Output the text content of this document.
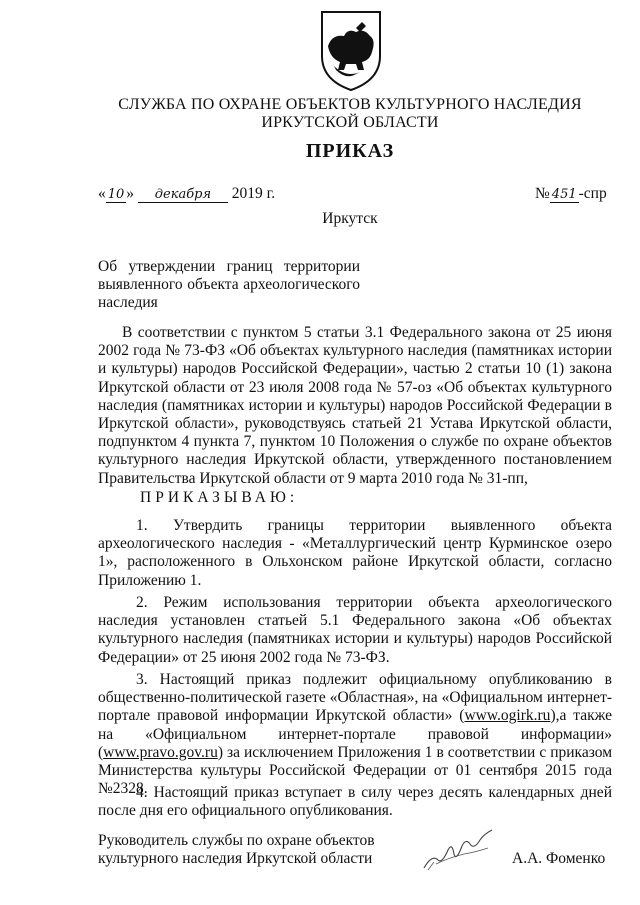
СЛУЖБА ПО ОХРАНЕ ОБЪЕКТОВ КУЛЬТУРНОГО НАСЛЕДИЯ
ИРКУТСКОЙ ОБЛАСТИ
ПРИКАЗ
« 10 » декабря 2019 г.	№ 451 -спр
Иркутск
Об утверждении границ территории выявленного объекта археологического наследия
В соответствии с пунктом 5 статьи 3.1 Федерального закона от 25 июня 2002 года № 73-ФЗ «Об объектах культурного наследия (памятниках истории и культуры) народов Российской Федерации», частью 2 статьи 10 (1) закона Иркутской области от 23 июля 2008 года № 57-оз «Об объектах культурного наследия (памятниках истории и культуры) народов Российской Федерации в Иркутской области», руководствуясь статьей 21 Устава Иркутской области, подпунктом 4 пункта 7, пунктом 10 Положения о службе по охране объектов культурного наследия Иркутской области, утвержденного постановлением Правительства Иркутской области от 9 марта 2010 года № 31-пп,
ПРИКАЗЫВАЮ:
1. Утвердить границы территории выявленного объекта археологического наследия - «Металлургический центр Курминское озеро 1», расположенного в Ольхонском районе Иркутской области, согласно Приложению 1.
2. Режим использования территории объекта археологического наследия установлен статьей 5.1 Федерального закона «Об объектах культурного наследия (памятниках истории и культуры) народов Российской Федерации» от 25 июня 2002 года № 73-ФЗ.
3. Настоящий приказ подлежит официальному опубликованию в общественно-политической газете «Областная», на «Официальном интернет-портале правовой информации Иркутской области» (www.ogirk.ru),а также на «Официальном интернет-портале правовой информации» (www.pravo.gov.ru) за исключением Приложения 1 в соответствии с приказом Министерства культуры Российской Федерации от 01 сентября 2015 года №2328.
4. Настоящий приказ вступает в силу через десять календарных дней после дня его официального опубликования.
Руководитель службы по охране объектов
культурного наследия Иркутской области	А.А. Фоменко
